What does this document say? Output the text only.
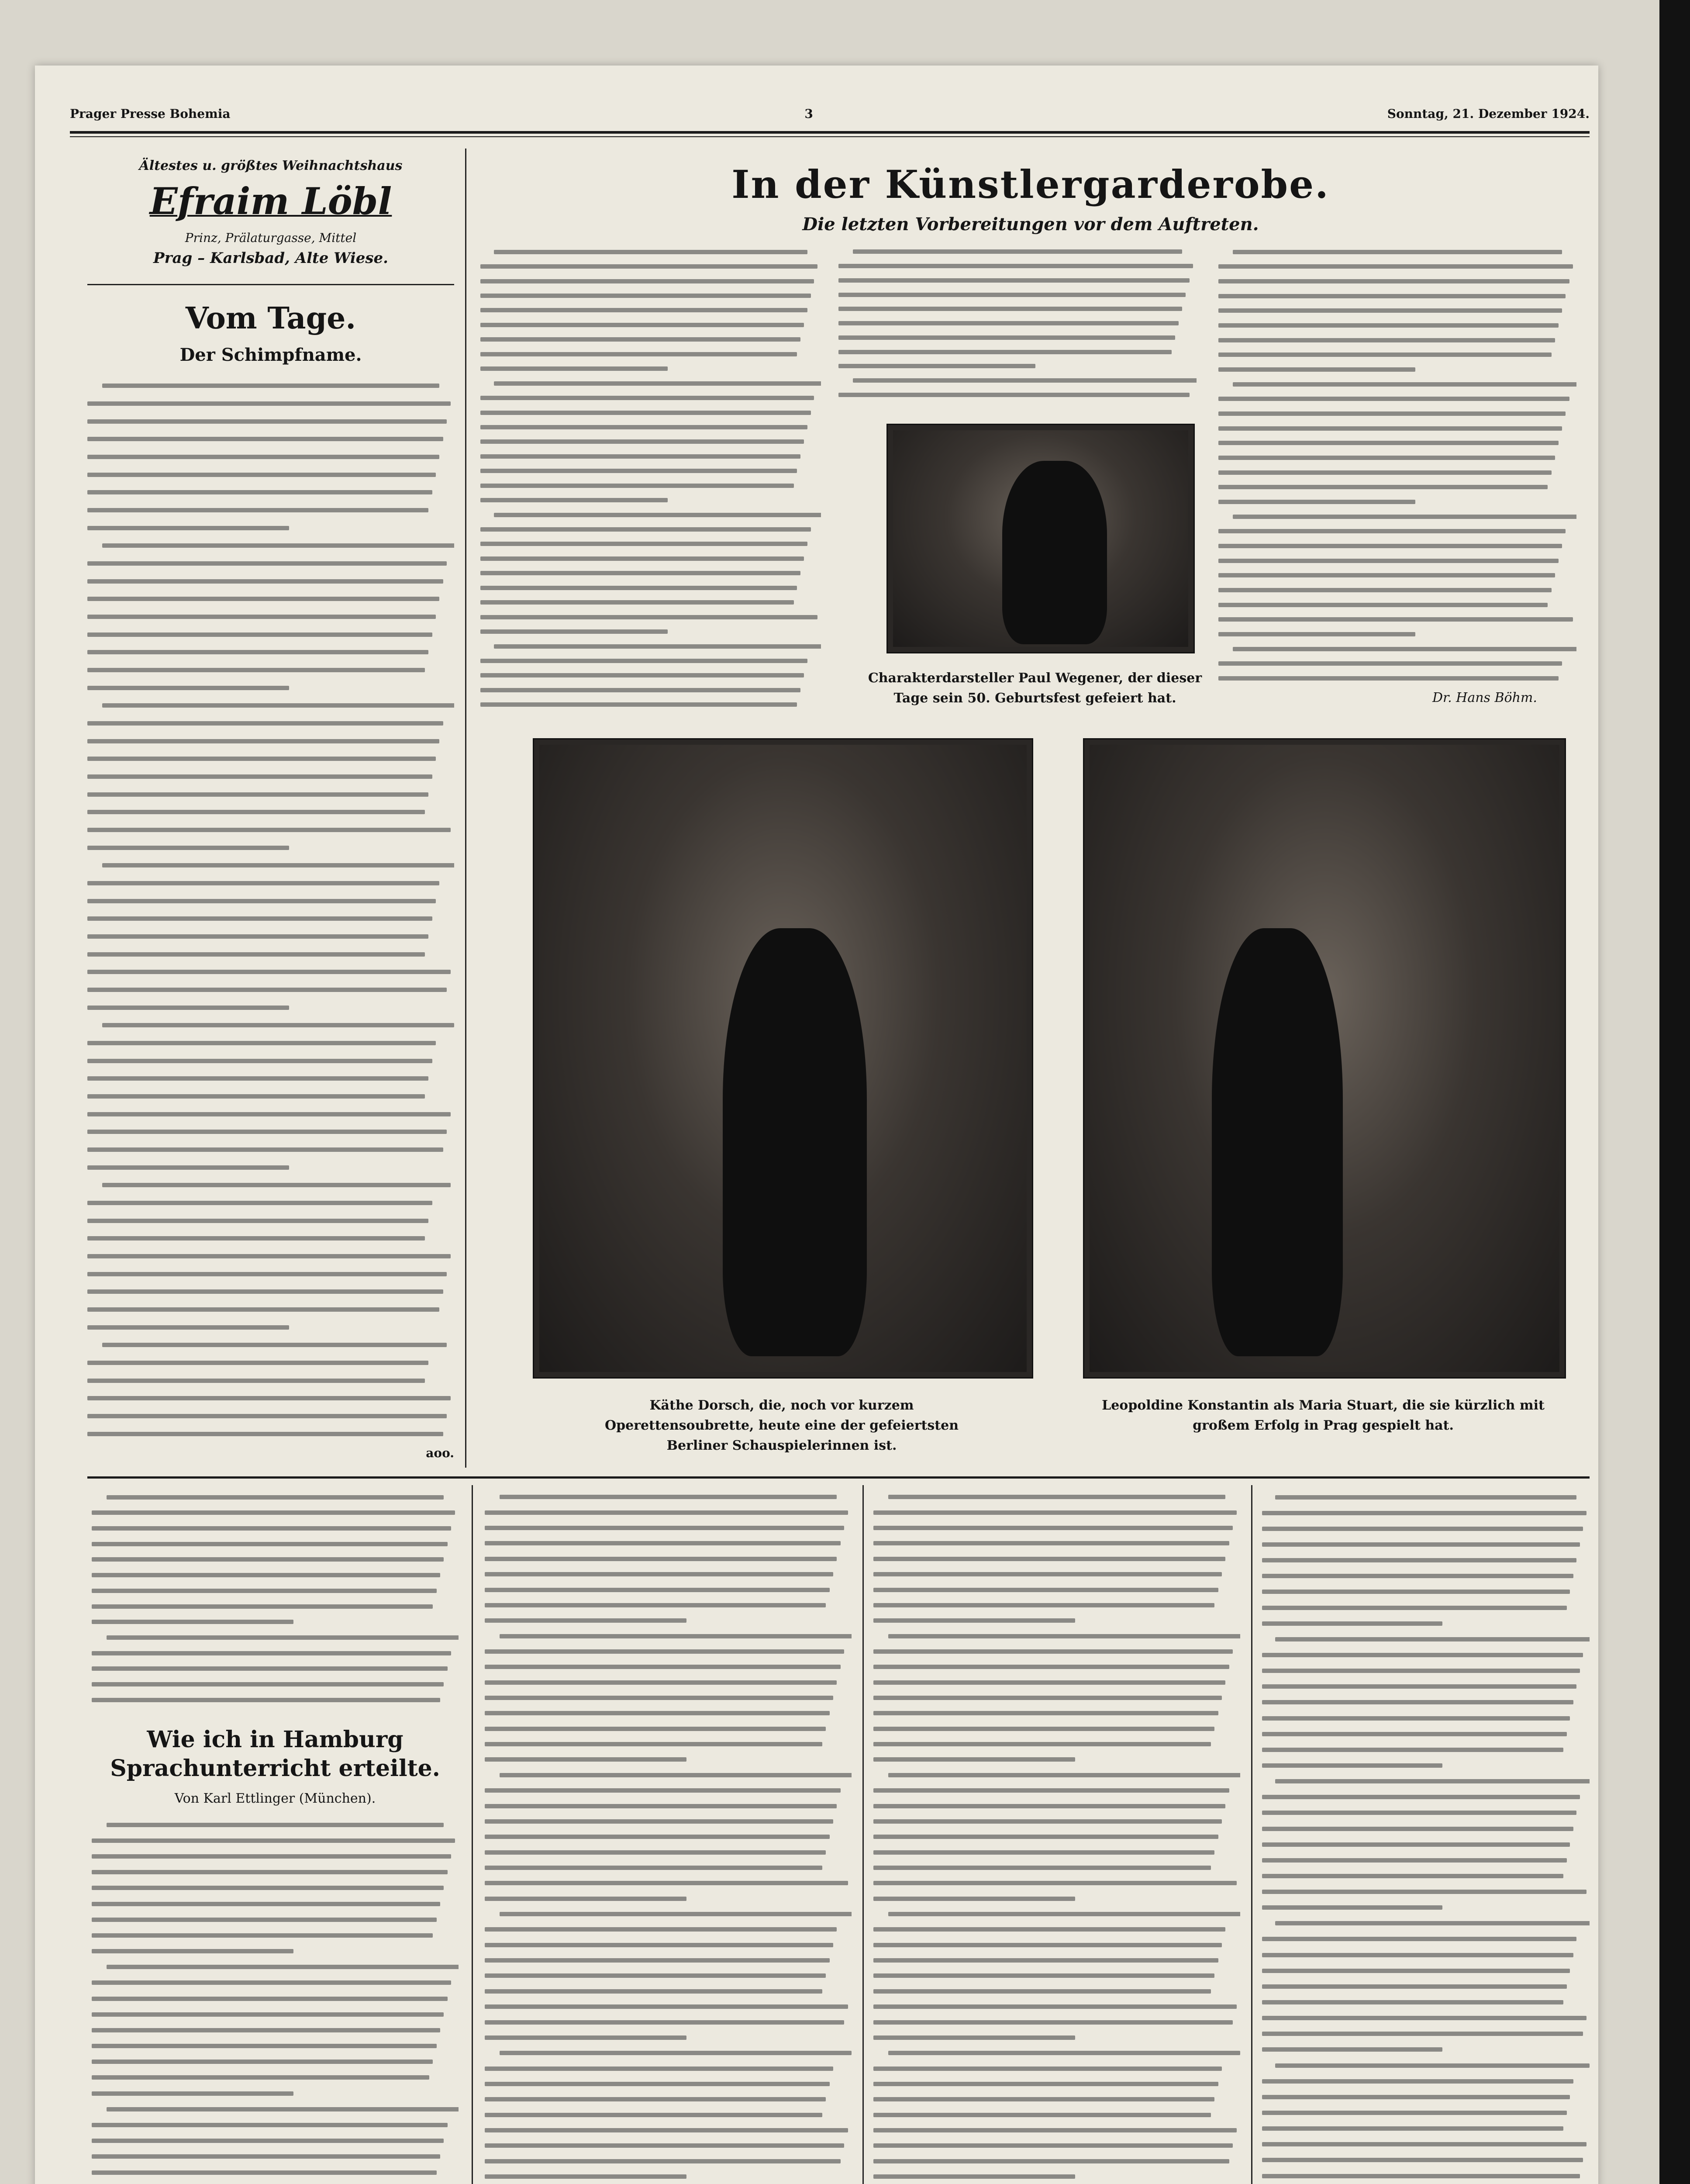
Prager Presse Bohemia	3	Sonntag, 21. Dezember 1924.
Ältestes u. größtes Weihnachtshaus
Efraim Löbl
Prinz, Prälaturgasse, Mittel
Prag – Karlsbad, Alte Wiese.
Vom Tage.
Der Schimpfname.
aoo.
In der Künstlergarderobe.
Die letzten Vorbereitungen vor dem Auftreten.
Dr. Hans Böhm.
Charakterdarsteller Paul Wegener, der dieser Tage sein 50. Geburtsfest gefeiert hat.
Käthe Dorsch, die, noch vor kurzem Operettensoubrette, heute eine der gefeiertsten Berliner Schauspielerinnen ist.
Leopoldine Konstantin als Maria Stuart, die sie kürzlich mit großem Erfolg in Prag gespielt hat.
Wie ich in Hamburg Sprachunterricht erteilte.
Von Karl Ettlinger (München).
